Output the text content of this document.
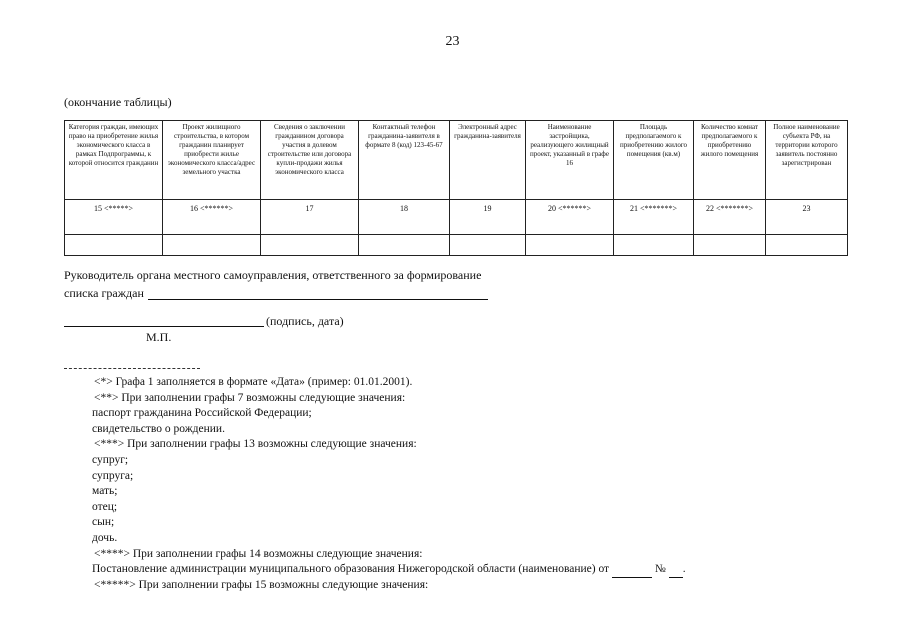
23
(окончание таблицы)
Категория граждан, имеющих право на приобретение жилья экономического класса в рамках Подпрограммы, к которой относится гражданин	Проект жилищного строительства, в котором гражданин планирует приобрести жилье экономического класса/адрес земельного участка	Сведения о заключении гражданином договора участия в долевом строительстве или договора купли-продажи жилья экономического класса	Контактный телефон гражданина-заявителя в формате 8 (код) 123-45-67	Электронный адрес гражданина-заявителя	Наименование застройщика, реализующего жилищный проект, указанный в графе 16	Площадь предполагаемого к приобретению жилого помещения (кв.м)	Количество комнат предполагаемого к приобретению жилого помещения	Полное наименование субъекта РФ, на территории которого заявитель постоянно зарегистрирован
15 <*****>	16 <******>	17	18	19	20 <******>	21 <*******>	22 <*******>	23

Руководитель органа местного самоуправления, ответственного за формирование
списка граждан
(подпись, дата)
М.П.
<*> Графа 1 заполняется в формате «Дата» (пример: 01.01.2001).
<**> При заполнении графы 7 возможны следующие значения:
паспорт гражданина Российской Федерации;
свидетельство о рождении.
<***> При заполнении графы 13 возможны следующие значения:
супруг;
супруга;
мать;
отец;
сын;
дочь.
<****> При заполнении графы 14 возможны следующие значения:
Постановление администрации муниципального образования Нижегородской области (наименование) от	№ .
<*****> При заполнении графы 15 возможны следующие значения:
